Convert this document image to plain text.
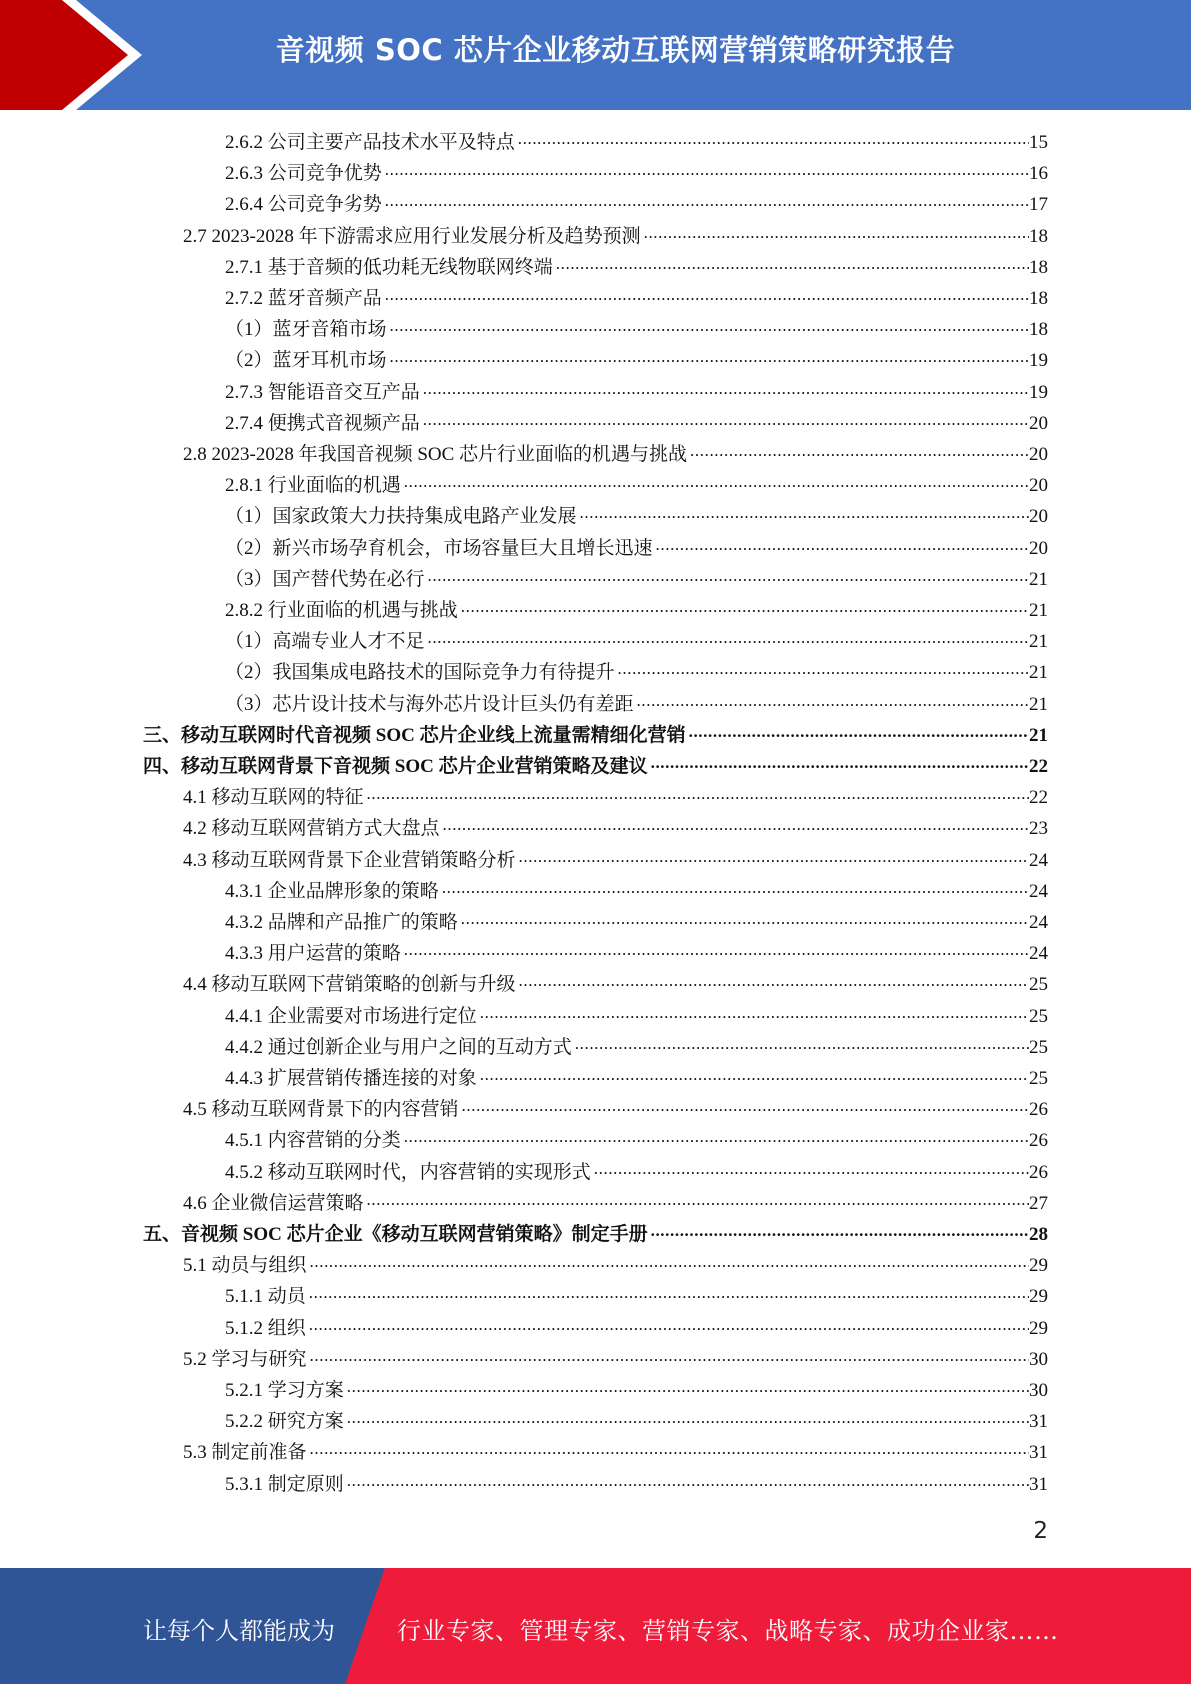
音视频 SOC 芯片企业移动互联网营销策略研究报告
2.6.2 公司主要产品技术水平及特点 .....	15
2.6.3 公司竞争优势 .....	16
2.6.4 公司竞争劣势 .....	17
2.7 2023-2028 年下游需求应用行业发展分析及趋势预测 .....	18
2.7.1 基于音频的低功耗无线物联网终端 .....	18
2.7.2 蓝牙音频产品 .....	18
（1）蓝牙音箱市场 .....	18
（2）蓝牙耳机市场 .....	19
2.7.3 智能语音交互产品 .....	19
2.7.4 便携式音视频产品 .....	20
2.8 2023-2028 年我国音视频 SOC 芯片行业面临的机遇与挑战 .....	20
2.8.1 行业面临的机遇 .....	20
（1）国家政策大力扶持集成电路产业发展 .....	20
（2）新兴市场孕育机会，市场容量巨大且增长迅速 .....	20
（3）国产替代势在必行 .....	21
2.8.2 行业面临的机遇与挑战 .....	21
（1）高端专业人才不足 .....	21
（2）我国集成电路技术的国际竞争力有待提升 .....	21
（3）芯片设计技术与海外芯片设计巨头仍有差距 .....	21
三、移动互联网时代音视频 SOC 芯片企业线上流量需精细化营销 .....	21
四、移动互联网背景下音视频 SOC 芯片企业营销策略及建议 .....	22
4.1 移动互联网的特征 .....	22
4.2 移动互联网营销方式大盘点 .....	23
4.3 移动互联网背景下企业营销策略分析 .....	24
4.3.1 企业品牌形象的策略 .....	24
4.3.2 品牌和产品推广的策略 .....	24
4.3.3 用户运营的策略 .....	24
4.4 移动互联网下营销策略的创新与升级 .....	25
4.4.1 企业需要对市场进行定位 .....	25
4.4.2 通过创新企业与用户之间的互动方式 .....	25
4.4.3 扩展营销传播连接的对象 .....	25
4.5 移动互联网背景下的内容营销 .....	26
4.5.1 内容营销的分类 .....	26
4.5.2 移动互联网时代，内容营销的实现形式 .....	26
4.6 企业微信运营策略 .....	27
五、音视频 SOC 芯片企业《移动互联网营销策略》制定手册 .....	28
5.1 动员与组织 .....	29
5.1.1 动员 .....	29
5.1.2 组织 .....	29
5.2 学习与研究 .....	30
5.2.1 学习方案 .....	30
5.2.2 研究方案 .....	31
5.3 制定前准备 .....	31
5.3.1 制定原则 .....	31
2
让每个人都能成为	行业专家、管理专家、营销专家、战略专家、成功企业家……
